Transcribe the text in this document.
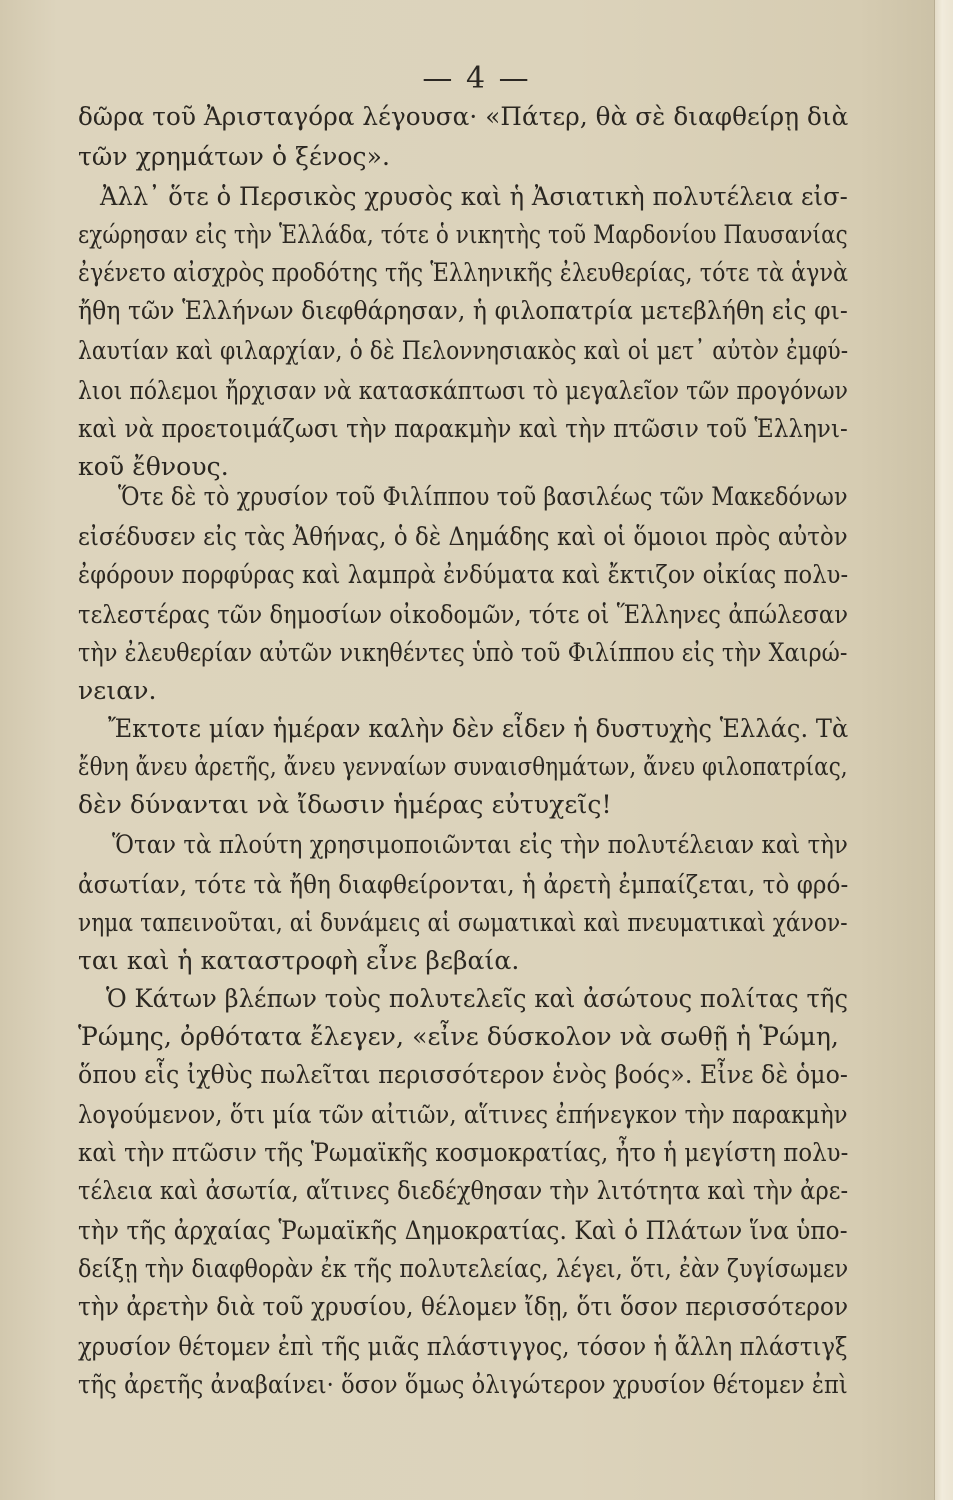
— 4 —
δῶρα τοῦ Ἀρισταγόρα λέγουσα· «Πάτερ, θὰ σὲ διαφθείρῃ διὰ
τῶν χρημάτων ὁ ξένος».
Ἀλλ᾽ ὅτε ὁ Περσικὸς χρυσὸς καὶ ἡ Ἀσιατικὴ πολυτέλεια εἰσ-
εχώρησαν εἰς τὴν Ἑλλάδα, τότε ὁ νικητὴς τοῦ Μαρδονίου Παυσανίας
ἐγένετο αἰσχρὸς προδότης τῆς Ἑλληνικῆς ἐλευθερίας, τότε τὰ ἁγνὰ
ἤθη τῶν Ἑλλήνων διεφθάρησαν, ἡ φιλοπατρία μετεβλήθη εἰς φι-
λαυτίαν καὶ φιλαρχίαν, ὁ δὲ Πελοννησιακὸς καὶ οἱ μετ᾽ αὐτὸν ἐμφύ-
λιοι πόλεμοι ἤρχισαν νὰ κατασκάπτωσι τὸ μεγαλεῖον τῶν προγόνων
καὶ νὰ προετοιμάζωσι τὴν παρακμὴν καὶ τὴν πτῶσιν τοῦ Ἑλληνι-
κοῦ ἔθνους.
Ὅτε δὲ τὸ χρυσίον τοῦ Φιλίππου τοῦ βασιλέως τῶν Μακεδόνων
εἰσέδυσεν εἰς τὰς Ἀθήνας, ὁ δὲ Δημάδης καὶ οἱ ὅμοιοι πρὸς αὐτὸν
ἐφόρουν πορφύρας καὶ λαμπρὰ ἐνδύματα καὶ ἔκτιζον οἰκίας πολυ-
τελεστέρας τῶν δημοσίων οἰκοδομῶν, τότε οἱ Ἕλληνες ἀπώλεσαν
τὴν ἐλευθερίαν αὐτῶν νικηθέντες ὑπὸ τοῦ Φιλίππου εἰς τὴν Χαιρώ-
νειαν.
Ἔκτοτε μίαν ἡμέραν καλὴν δὲν εἶδεν ἡ δυστυχὴς Ἑλλάς. Τὰ
ἔθνη ἄνευ ἀρετῆς, ἄνευ γενναίων συναισθημάτων, ἄνευ φιλοπατρίας,
δὲν δύνανται νὰ ἴδωσιν ἡμέρας εὐτυχεῖς!
Ὅταν τὰ πλούτη χρησιμοποιῶνται εἰς τὴν πολυτέλειαν καὶ τὴν
ἀσωτίαν, τότε τὰ ἤθη διαφθείρονται, ἡ ἀρετὴ ἐμπαίζεται, τὸ φρό-
νημα ταπεινοῦται, αἱ δυνάμεις αἱ σωματικαὶ καὶ πνευματικαὶ χάνον-
ται καὶ ἡ καταστροφὴ εἶνε βεβαία.
Ὁ Κάτων βλέπων τοὺς πολυτελεῖς καὶ ἀσώτους πολίτας τῆς
Ῥώμης, ὀρθότατα ἔλεγεν, «εἶνε δύσκολον νὰ σωθῇ ἡ Ῥώμη,
ὅπου εἷς ἰχθὺς πωλεῖται περισσότερον ἑνὸς βοός». Εἶνε δὲ ὁμο-
λογούμενον, ὅτι μία τῶν αἰτιῶν, αἵτινες ἐπήνεγκον τὴν παρακμὴν
καὶ τὴν πτῶσιν τῆς Ῥωμαϊκῆς κοσμοκρατίας, ἦτο ἡ μεγίστη πολυ-
τέλεια καὶ ἀσωτία, αἵτινες διεδέχθησαν τὴν λιτότητα καὶ τὴν ἀρε-
τὴν τῆς ἀρχαίας Ῥωμαϊκῆς Δημοκρατίας. Καὶ ὁ Πλάτων ἵνα ὑπο-
δείξῃ τὴν διαφθορὰν ἐκ τῆς πολυτελείας, λέγει, ὅτι, ἐὰν ζυγίσωμεν
τὴν ἀρετὴν διὰ τοῦ χρυσίου, θέλομεν ἴδῃ, ὅτι ὅσον περισσότερον
χρυσίον θέτομεν ἐπὶ τῆς μιᾶς πλάστιγγος, τόσον ἡ ἄλλη πλάστιγξ
τῆς ἀρετῆς ἀναβαίνει· ὅσον ὅμως ὀλιγώτερον χρυσίον θέτομεν ἐπὶ
